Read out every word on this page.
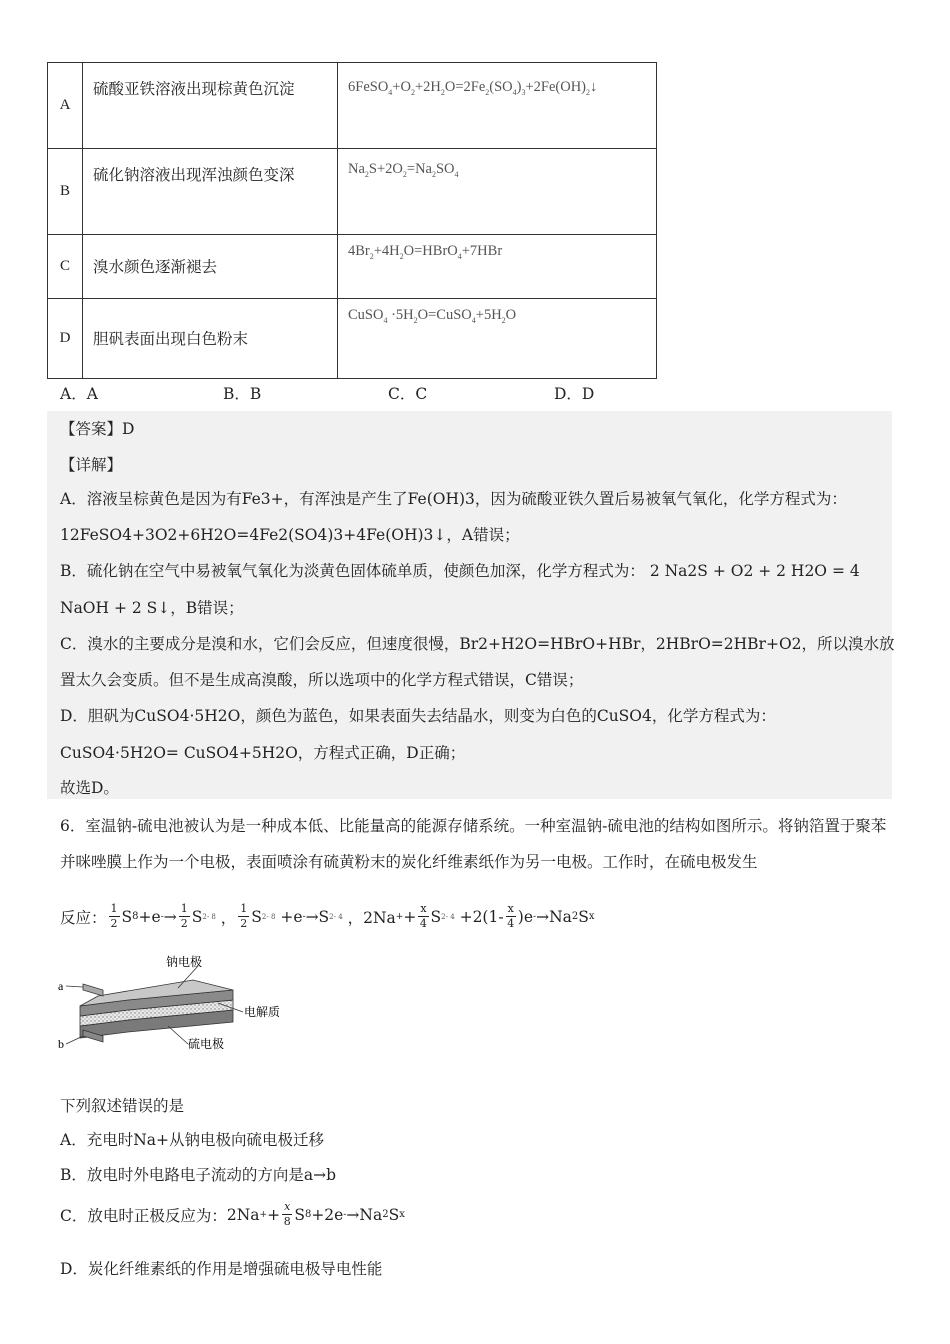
A	硫酸亚铁溶液出现棕黄色沉淀	$6FeSO_4+O_2+2H_2O=2Fe_2(SO_4)_3+2Fe(OH)_2↓$
B	硫化钠溶液出现浑浊颜色变深	$Na_2S+2O_2=Na_2SO_4$
C	溴水颜色逐渐褪去	$4Br_2+4H_2O=HBrO_4+7HBr$
D	胆矾表面出现白色粉末	CuSO$_4$ $\cdot 5H_2O=CuSO_4+5H_2O$
A．A	B．B	C．C	D．D
【答案】D
【详解】
A．溶液呈棕黄色是因为有Fe3+，有浑浊是产生了Fe(OH)3，因为硫酸亚铁久置后易被氧气氧化，化学方程式为：
12FeSO4+3O2+6H2O=4Fe2(SO4)3+4Fe(OH)3↓，A错误；
B．硫化钠在空气中易被氧气氧化为淡黄色固体硫单质，使颜色加深，化学方程式为： 2 Na2S + O2 + 2 H2O = 4
NaOH + 2 S↓，B错误；
C．溴水的主要成分是溴和水，它们会反应，但速度很慢，Br2+H2O=HBrO+HBr，2HBrO=2HBr+O2，所以溴水放
置太久会变质。但不是生成高溴酸，所以选项中的化学方程式错误，C错误；
D．胆矾为CuSO4·5H2O，颜色为蓝色，如果表面失去结晶水，则变为白色的CuSO4，化学方程式为：
CuSO4·5H2O= CuSO4+5H2O，方程式正确，D正确；
故选D。
6．室温钠-硫电池被认为是一种成本低、比能量高的能源存储系统。一种室温钠-硫电池的结构如图所示。将钠箔置于聚苯并咪唑膜上作为一个电极，表面喷涂有硫黄粉末的炭化纤维素纸作为另一电极。工作时，在硫电极发生
反应： $\frac{1}{2}$ S 8 +e - → $\frac{1}{2}$ S 2- 8 ， $\frac{1}{2}$ S 2- 8 +e - →S 2- 4 ，2Na + + $\frac{x}{4}$ S 2- $4 +2(1- \frac{x}{4} )e - \to Na$ 2 S x
a
b
钠电极
电解质
硫电极
下列叙述错误的是
A．充电时Na+从钠电极向硫电极迁移
B．放电时外电路电子流动的方向是a→b
C．放电时正极反应为： 2Na + + $\frac{x}{8}$ S 8 +2e - →Na 2 S x
D．炭化纤维素纸的作用是增强硫电极导电性能
